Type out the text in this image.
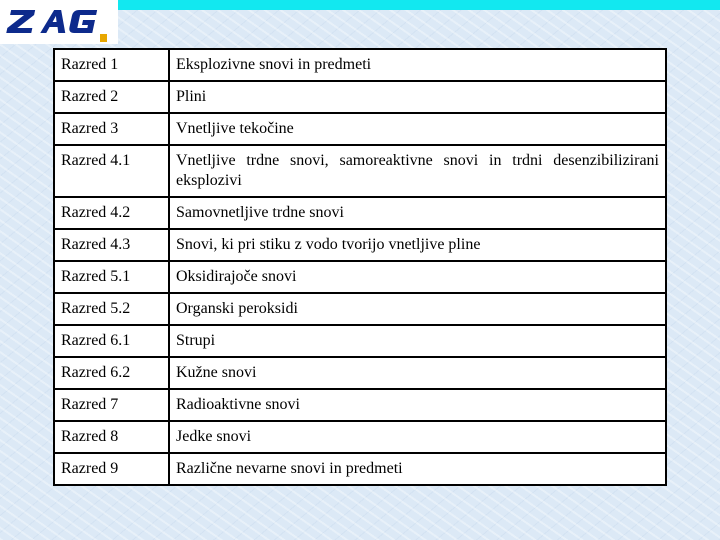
Razred 1	Eksplozivne snovi in predmeti
Razred 2	Plini
Razred 3	Vnetljive tekočine
Razred 4.1	Vnetljive trdne snovi, samoreaktivne snovi in trdni desenzibilizirani eksplozivi
Razred 4.2	Samovnetljive trdne snovi
Razred 4.3	Snovi, ki pri stiku z vodo tvorijo vnetljive pline
Razred 5.1	Oksidirajoče snovi
Razred 5.2	Organski peroksidi
Razred 6.1	Strupi
Razred 6.2	Kužne snovi
Razred 7	Radioaktivne snovi
Razred 8	Jedke snovi
Razred 9	Različne nevarne snovi in predmeti
